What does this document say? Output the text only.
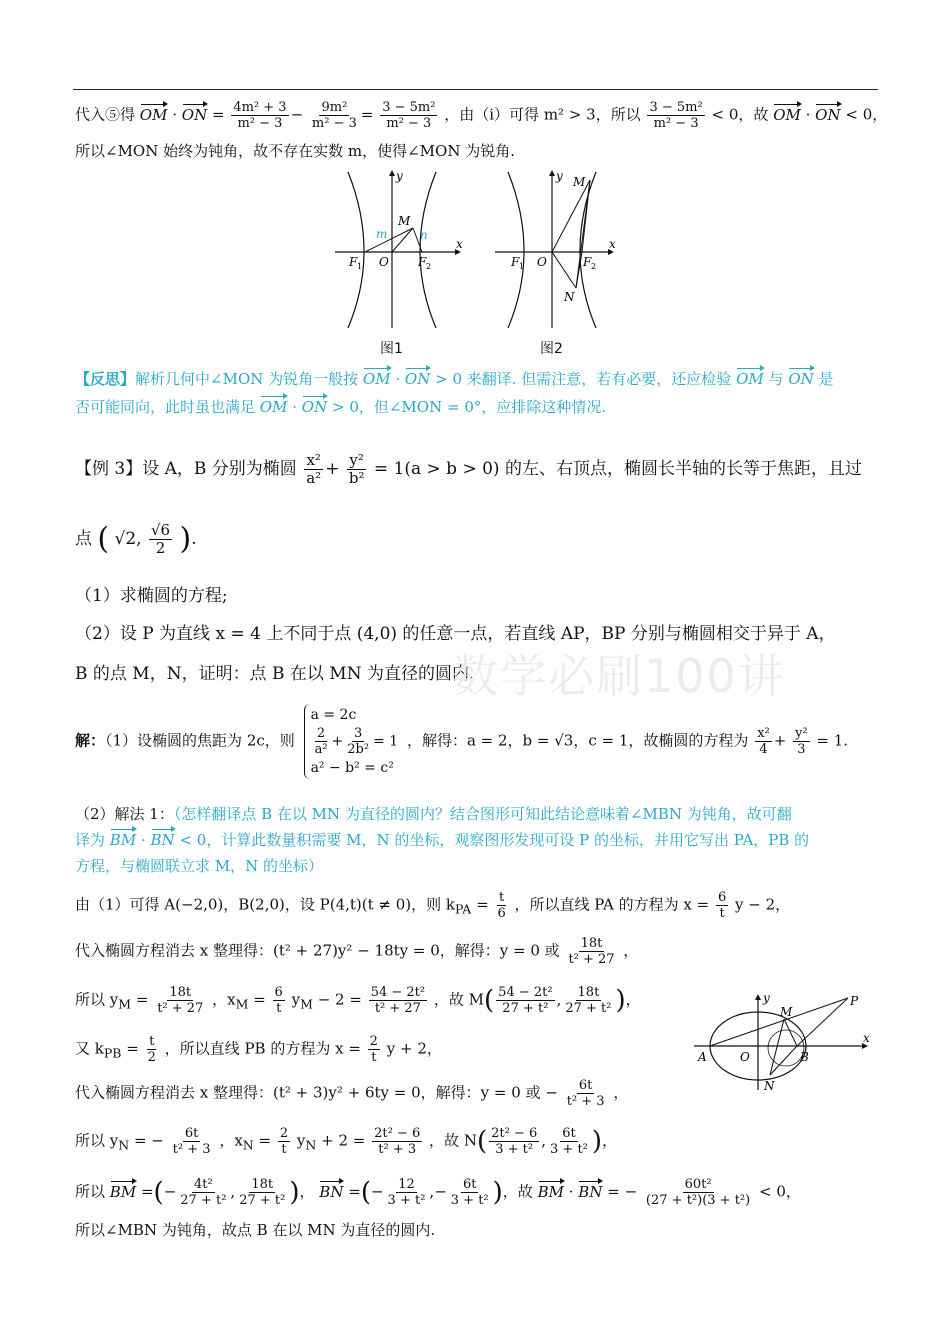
代入⑤得 OM · ON = $\frac{\text{4m² + 3}}{\text{m² − 3}} - \frac{\text{9m²}}{\text{m² − 3}} = \frac{\text{3 − 5m²}}{\text{m² − 3}}$ ，由（i）可得 m² > 3，所以 $\frac{\text{3 − 5m²}}{\text{m² − 3}} < 0$，故 OM · ON < 0，
所以∠MON 始终为钝角，故不存在实数 m，使得∠MON 为锐角.
y
x
M
m	n
F 1 O F 2
图1
y
x
M
N
F 1 O	F 2
图2
【反思】解析几何中∠MON 为锐角一般按 OM · ON > 0 来翻译. 但需注意，若有必要，还应检验 OM 与 ON 是
否可能同向，此时虽也满足 OM · ON > 0，但∠MON = 0°，应排除这种情况.
【例 3】设 A，B 分别为椭圆 $\frac{\text{x²}}{\text{a²}} + \frac{\text{y²}}{\text{b²}} = 1(a > b > 0)$ 的左、右顶点，椭圆长半轴的长等于焦距，且过
点 ( √2, $\frac{√6}{2}$ ).
（1）求椭圆的方程;
（2）设 P 为直线 x = 4 上不同于点 (4,0) 的任意一点，若直线 AP，BP 分别与椭圆相交于异于 A，
B 的点 M，N，证明：点 B 在以 MN 为直径的圆内.
数学必刷100讲
解：（1）设椭圆的焦距为 2c，则
a = 2c
$\frac{2}{\text{a²}} + \frac{3}{\text{2b²}} = 1$
a² − b² = c²
，解得：a = 2，b = √3，c = 1，故椭圆的方程为 $\frac{\text{x²}}{4} + \frac{\text{y²}}{3} = 1$.
（2）解法 1：（怎样翻译点 B 在以 MN 为直径的圆内？结合图形可知此结论意味着∠MBN 为钝角，故可翻
译为 BM · BN < 0，计算此数量积需要 M，N 的坐标，观察图形发现可设 P 的坐标，并用它写出 PA，PB 的
方程，与椭圆联立求 M，N 的坐标）
由（1）可得 A(−2,0)，B(2,0)，设 P(4,t)(t ≠ 0)，则 $k_{PA} = \frac{t}{6}$ ，所以直线 PA 的方程为 $x = \frac{6}{t}$ y − 2，
代入椭圆方程消去 x 整理得：(t² + 27)y² − 18ty = 0，解得：y = 0 或 $\frac{18t}{\text{t² + 27}}$ ，
所以 $y_M = \frac{18t}{\text{t² + 27}}$ ，$x_M = \frac{6}{t} y_M - 2 = \frac{\text{54 − 2t²}}{\text{t² + 27}}$ ，故 $M( \frac{\text{54 − 2t²}}{\text{27 + t²}}$ , $\frac{18t}{\text{27 + t²}}$ )，
又 $k_{PB} = \frac{t}{2}$ ，所以直线 PB 的方程为 $x = \frac{2}{t}$ y + 2，
代入椭圆方程消去 x 整理得：(t² + 3)y² + 6ty = 0，解得：y = 0 或 − $\frac{6t}{\text{t² + 3}}$ ，
所以 $y_N$ = − $\frac{6t}{\text{t² + 3}}$ ，$x_N = \frac{2}{t} y_N + 2 = \frac{\text{2t² − 6}}{\text{t² + 3}}$ ，故 $N( \frac{\text{2t² − 6}}{\text{3 + t²}}$ , $\frac{6t}{\text{3 + t²}}$ )，
所以 BM =(− $\frac{\text{4t²}}{\text{27 + t²}}$ , $\frac{18t}{\text{27 + t²}}$ )， BN =(− $\frac{12}{\text{3 + t²}}$ ,− $\frac{6t}{\text{3 + t²}}$ )，故 BM · BN = − $\frac{\text{60t²}}{\text{(27 + t²)(3 + t²)}} < 0$，
所以∠MBN 为钝角，故点 B 在以 MN 为直径的圆内.
y
x
A	O	B
M
N
P
